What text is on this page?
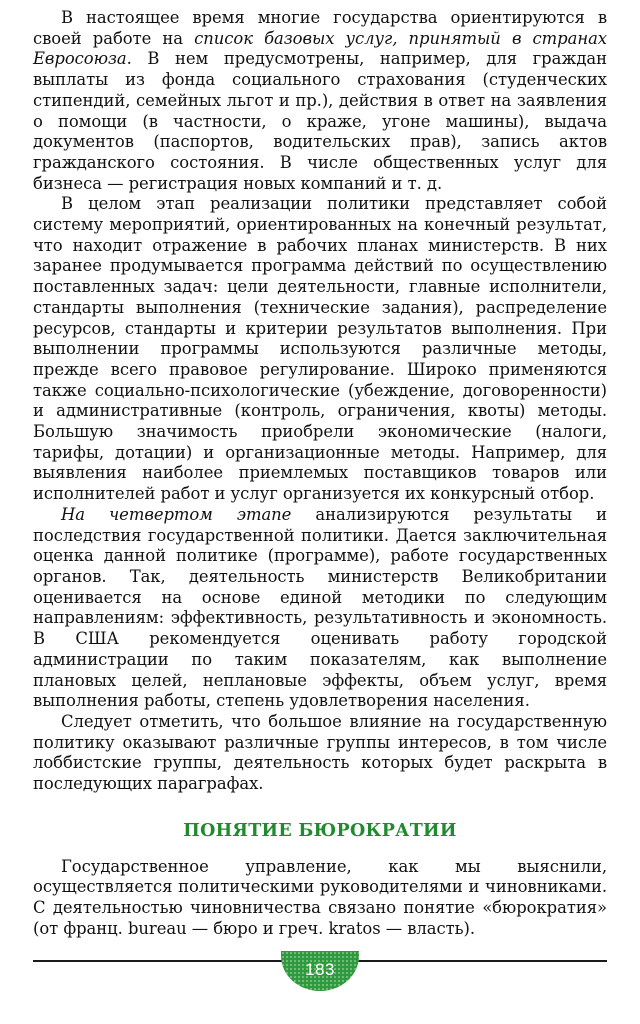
В настоящее время многие государства ориентируются в своей работе на список базовых услуг, принятый в странах Евросоюза. В нем предусмотрены, например, для граждан выплаты из фонда социального страхования (студенческих стипендий, семейных льгот и пр.), действия в ответ на заявления о помощи (в частности, о краже, угоне машины), выдача документов (паспортов, водительских прав), запись актов гражданского состояния. В числе общественных услуг для бизнеса — регистрация новых компаний и т. д.

В целом этап реализации политики представляет собой систему мероприятий, ориентированных на конечный результат, что находит отражение в рабочих планах министерств. В них заранее продумывается программа действий по осуществлению поставленных задач: цели деятельности, главные исполнители, стандарты выполнения (технические задания), распределение ресурсов, стандарты и критерии результатов выполнения. При выполнении программы используются различные методы, прежде всего правовое регулирование. Широко применяются также социально-психологические (убеждение, договоренности) и административные (контроль, ограничения, квоты) методы. Большую значимость приобрели экономические (налоги, тарифы, дотации) и организационные методы. Например, для выявления наиболее приемлемых поставщиков товаров или исполнителей работ и услуг организуется их конкурсный отбор.

На четвертом этапе анализируются результаты и последствия государственной политики. Дается заключительная оценка данной политике (программе), работе государственных органов. Так, деятельность министерств Великобритании оценивается на основе единой методики по следующим направлениям: эффективность, результативность и экономность. В США рекомендуется оценивать работу городской администрации по таким показателям, как выполнение плановых целей, неплановые эффекты, объем услуг, время выполнения работы, степень удовлетворения населения.

Следует отметить, что большое влияние на государственную политику оказывают различные группы интересов, в том числе лоббистские группы, деятельность которых будет раскрыта в последующих параграфах.

ПОНЯТИЕ БЮРОКРАТИИ

Государственное управление, как мы выяснили, осуществляется политическими руководителями и чиновниками. С деятельностью чиновничества связано понятие «бюрократия» (от франц. bureau — бюро и греч. kratos — власть).

183
